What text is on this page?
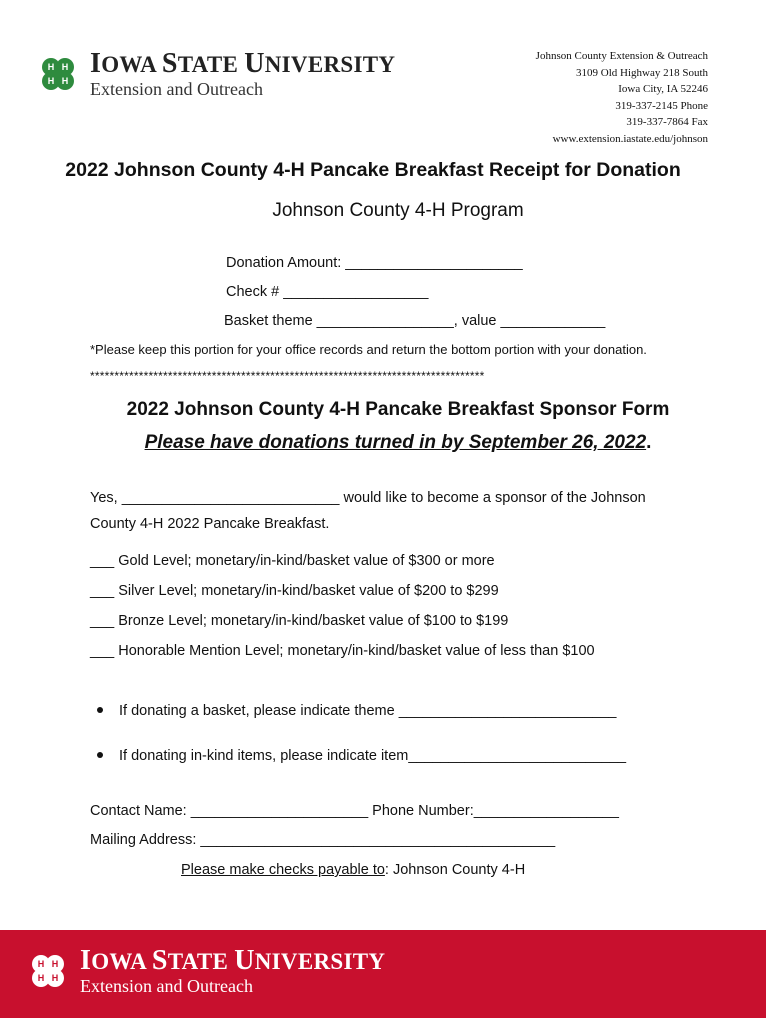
H H
H H
IOWA STATE UNIVERSITY
Extension and Outreach
Johnson County Extension & Outreach
3109 Old Highway 218 South
Iowa City, IA 52246
319-337-2145 Phone
319-337-7864 Fax
www.extension.iastate.edu/johnson
2022 Johnson County 4-H Pancake Breakfast Receipt for Donation
Johnson County 4-H Program
Donation Amount: ______________________
Check # __________________
Basket theme _________________, value _____________
*Please keep this portion for your office records and return the bottom portion with your donation.
*********************************************************************************
2022 Johnson County 4-H Pancake Breakfast Sponsor Form
Please have donations turned in by September 26, 2022.
Yes, ___________________________ would like to become a sponsor of the Johnson
County 4-H 2022 Pancake Breakfast.
___ Gold Level; monetary/in-kind/basket value of $300 or more
___ Silver Level; monetary/in-kind/basket value of $200 to $299
___ Bronze Level; monetary/in-kind/basket value of $100 to $199
___ Honorable Mention Level; monetary/in-kind/basket value of less than $100
If donating a basket, please indicate theme ___________________________
If donating in-kind items, please indicate item___________________________
Contact Name: ______________________ Phone Number:__________________
Mailing Address: ____________________________________________
Please make checks payable to: Johnson County 4-H
H H
H H
IOWA STATE UNIVERSITY
Extension and Outreach
